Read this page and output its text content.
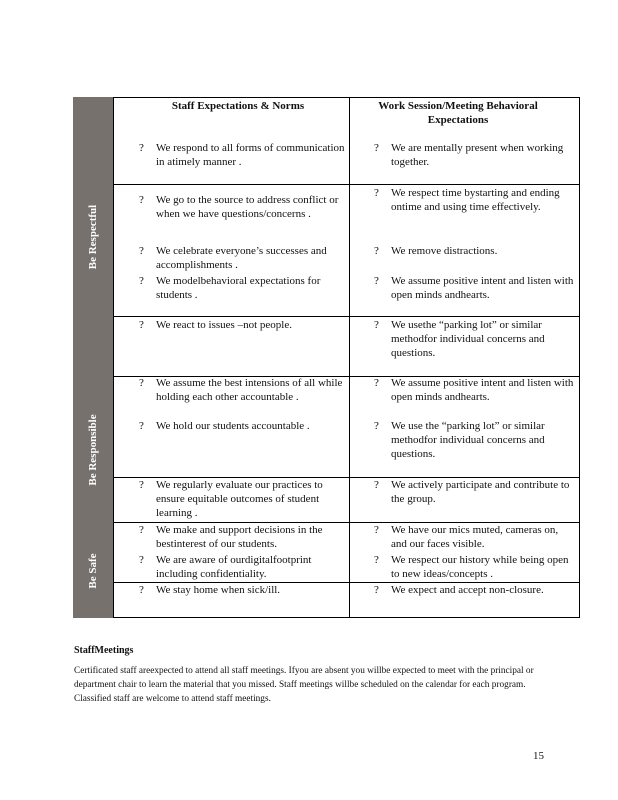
Be Respectful
Be Responsible
Be Safe
Staff Expectations & Norms	Work Session/Meeting Behavioral Expectations
? We respond to all forms of communication in atimely manner .
? We go to the source to address conflict or when we have questions/concerns .
? We celebrate everyone’s successes and accomplishments .
? We modelbehavioral expectations for students .
? We react to issues –not people.
? We assume the best intensions of all while holding each other accountable .
? We hold our students accountable .
? We regularly evaluate our practices to ensure equitable outcomes of student learning .
? We make and support decisions in the bestinterest of our students.
? We are aware of ourdigitalfootprint including confidentiality.
? We stay home when sick/ill.
? We are mentally present when working together.
? We respect time bystarting and ending ontime and using time effectively.
? We remove distractions.
? We assume positive intent and listen with open minds andhearts.
? We usethe “parking lot” or similar methodfor individual concerns and questions.
? We assume positive intent and listen with open minds andhearts.
? We use the “parking lot” or similar methodfor individual concerns and questions.
? We actively participate and contribute to the group.
? We have our mics muted, cameras on, and our faces visible.
? We respect our history while being open to new ideas/concepts .
? We expect and accept non-closure.
StaffMeetings
Certificated staff areexpected to attend all staff meetings. Ifyou are absent you willbe expected to meet with the principal or department chair to learn the material that you missed. Staff meetings willbe scheduled on the calendar for each program. Classified staff are welcome to attend staff meetings.
15
